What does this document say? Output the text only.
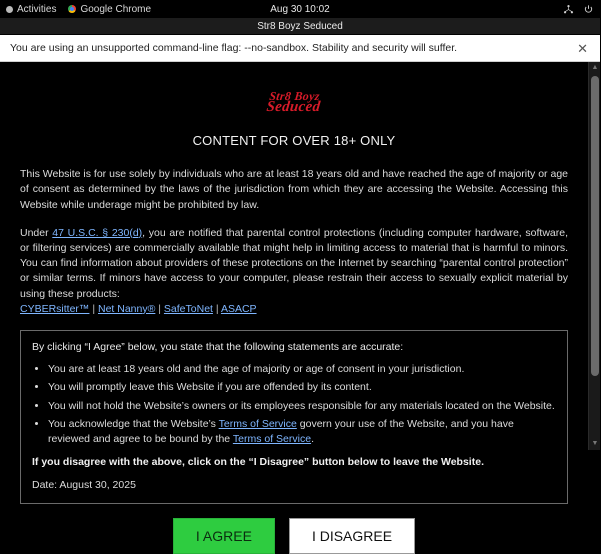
Activities Google Chrome	Aug 30 10:02
Str8 Boyz Seduced
You are using an unsupported command-line flag: --no-sandbox. Stability and security will suffer.	✕
Str8 Boyz
Seduced
CONTENT FOR OVER 18+ ONLY

This Website is for use solely by individuals who are at least 18 years old and have reached the age of majority or age of consent as determined by the laws of the jurisdiction from which they are accessing the Website. Accessing this Website while underage might be prohibited by law.

Under 47 U.S.C. § 230(d), you are notified that parental control protections (including computer hardware, software, or filtering services) are commercially available that might help in limiting access to material that is harmful to minors. You can find information about providers of these protections on the Internet by searching “parental control protection” or similar terms. If minors have access to your computer, please restrain their access to sexually explicit material by using these products:
CYBERsitter™ | Net Nanny® | SafeToNet | ASACP

By clicking “I Agree” below, you state that the following statements are accurate:

• You are at least 18 years old and the age of majority or age of consent in your jurisdiction.
• You will promptly leave this Website if you are offended by its content.
• You will not hold the Website’s owners or its employees responsible for any materials located on the Website.
• You acknowledge that the Website’s Terms of Service govern your use of the Website, and you have reviewed and agree to be bound by the Terms of Service.

If you disagree with the above, click on the “I Disagree” button below to leave the Website.

Date: August 30, 2025

I AGREE	I DISAGREE
▲
▼
